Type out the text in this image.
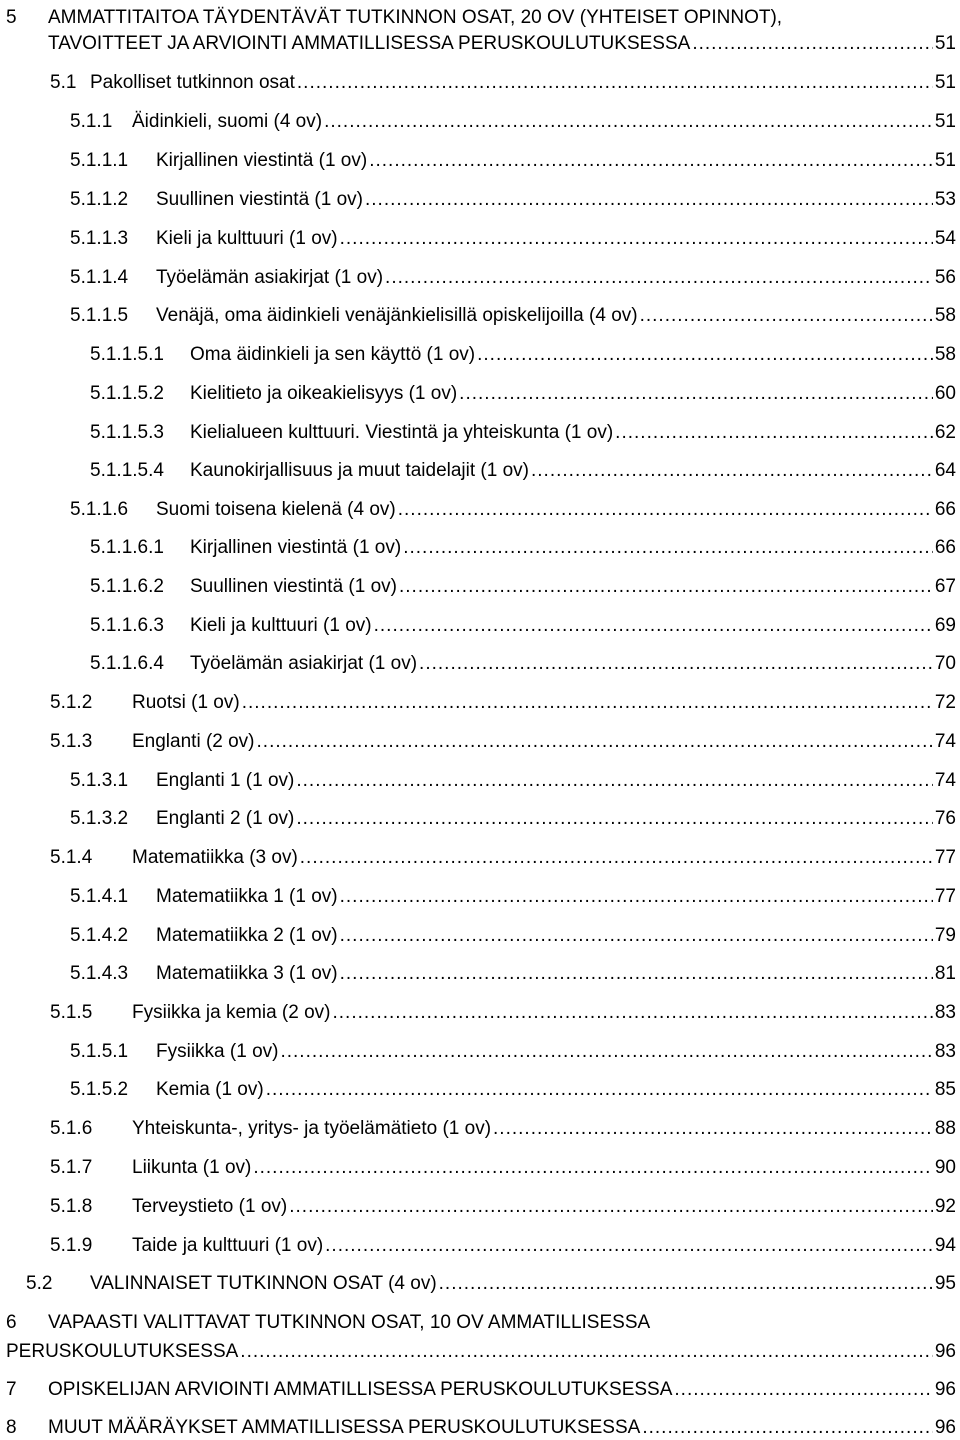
5 AMMATTITAITOA TÄYDENTÄVÄT TUTKINNON OSAT, 20 OV (YHTEISET OPINNOT),
TAVOITTEET JA ARVIOINTI AMMATILLISESSA PERUSKOULUTUKSESSA .....	51
5.1 Pakolliset tutkinnon osat .....	51
5.1.1	Äidinkieli, suomi (4 ov) .....	51
5.1.1.1	Kirjallinen viestintä (1 ov) .....	51
5.1.1.2	Suullinen viestintä (1 ov) .....	53
5.1.1.3	Kieli ja kulttuuri (1 ov) .....	54
5.1.1.4	Työelämän asiakirjat (1 ov) .....	56
5.1.1.5	Venäjä, oma äidinkieli venäjänkielisillä opiskelijoilla (4 ov) .....	58
5.1.1.5.1	Oma äidinkieli ja sen käyttö (1 ov) .....	58
5.1.1.5.2	Kielitieto ja oikeakielisyys (1 ov) .....	60
5.1.1.5.3	Kielialueen kulttuuri. Viestintä ja yhteiskunta (1 ov) .....	62
5.1.1.5.4	Kaunokirjallisuus ja muut taidelajit (1 ov) .....	64
5.1.1.6	Suomi toisena kielenä (4 ov) .....	66
5.1.1.6.1	Kirjallinen viestintä (1 ov) .....	66
5.1.1.6.2	Suullinen viestintä (1 ov) .....	67
5.1.1.6.3	Kieli ja kulttuuri (1 ov) .....	69
5.1.1.6.4	Työelämän asiakirjat (1 ov) .....	70
5.1.2	Ruotsi (1 ov) .....	72
5.1.3	Englanti (2 ov) .....	74
5.1.3.1	Englanti 1 (1 ov) .....	74
5.1.3.2	Englanti 2 (1 ov) .....	76
5.1.4	Matematiikka (3 ov) .....	77
5.1.4.1	Matematiikka 1 (1 ov) .....	77
5.1.4.2	Matematiikka 2 (1 ov) .....	79
5.1.4.3	Matematiikka 3 (1 ov) .....	81
5.1.5	Fysiikka ja kemia (2 ov) .....	83
5.1.5.1	Fysiikka (1 ov) .....	83
5.1.5.2	Kemia (1 ov) .....	85
5.1.6	Yhteiskunta-, yritys- ja työelämätieto (1 ov) .....	88
5.1.7	Liikunta (1 ov) .....	90
5.1.8	Terveystieto (1 ov) .....	92
5.1.9	Taide ja kulttuuri (1 ov) .....	94
5.2	VALINNAISET TUTKINNON OSAT (4 ov) .....	95
6 VAPAASTI VALITTAVAT TUTKINNON OSAT, 10 OV AMMATILLISESSA
PERUSKOULUTUKSESSA .....	96
7	OPISKELIJAN ARVIOINTI AMMATILLISESSA PERUSKOULUTUKSESSA .....	96
8	MUUT MÄÄRÄYKSET AMMATILLISESSA PERUSKOULUTUKSESSA .....	96
